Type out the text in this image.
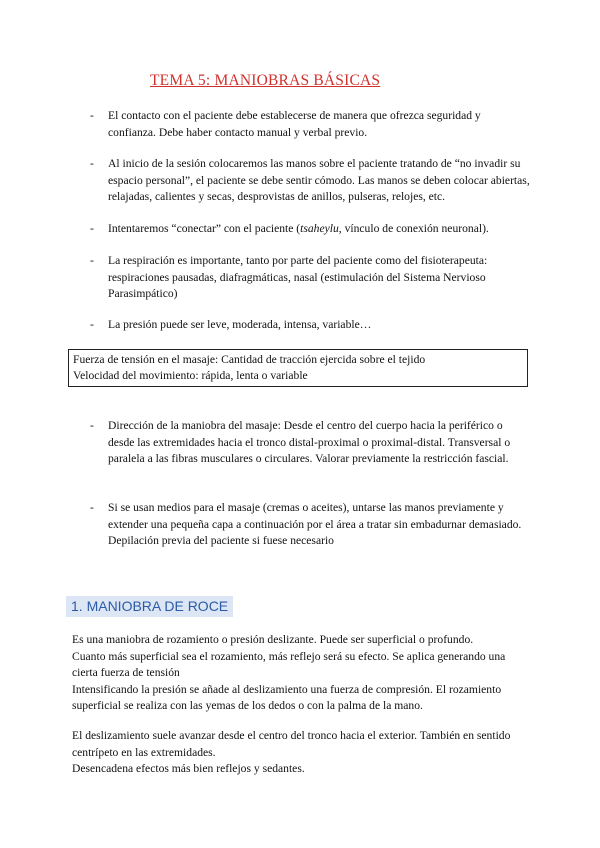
TEMA 5: MANIOBRAS BÁSICAS
- El contacto con el paciente debe establecerse de manera que ofrezca seguridad y confianza. Debe haber contacto manual y verbal previo.
- Al inicio de la sesión colocaremos las manos sobre el paciente tratando de “no invadir su espacio personal”, el paciente se debe sentir cómodo. Las manos se deben colocar abiertas, relajadas, calientes y secas, desprovistas de anillos, pulseras, relojes, etc.
- Intentaremos “conectar” con el paciente (tsaheylu, vínculo de conexión neuronal).
- La respiración es importante, tanto por parte del paciente como del fisioterapeuta: respiraciones pausadas, diafragmáticas, nasal (estimulación del Sistema Nervioso Parasimpático)
- La presión puede ser leve, moderada, intensa, variable…
Fuerza de tensión en el masaje: Cantidad de tracción ejercida sobre el tejido
Velocidad del movimiento: rápida, lenta o variable
- Dirección de la maniobra del masaje: Desde el centro del cuerpo hacia la periférico o desde las extremidades hacia el tronco distal-proximal o proximal-distal. Transversal o paralela a las fibras musculares o circulares. Valorar previamente la restricción fascial.
- Si se usan medios para el masaje (cremas o aceites), untarse las manos previamente y extender una pequeña capa a continuación por el área a tratar sin embadurnar demasiado. Depilación previa del paciente si fuese necesario
1. MANIOBRA DE ROCE

Es una maniobra de rozamiento o presión deslizante. Puede ser superficial o profundo.

Cuanto más superficial sea el rozamiento, más reflejo será su efecto. Se aplica generando una cierta fuerza de tensión

Intensificando la presión se añade al deslizamiento una fuerza de compresión. El rozamiento superficial se realiza con las yemas de los dedos o con la palma de la mano.

El deslizamiento suele avanzar desde el centro del tronco hacia el exterior. También en sentido centrípeto en las extremidades.

Desencadena efectos más bien reflejos y sedantes.
